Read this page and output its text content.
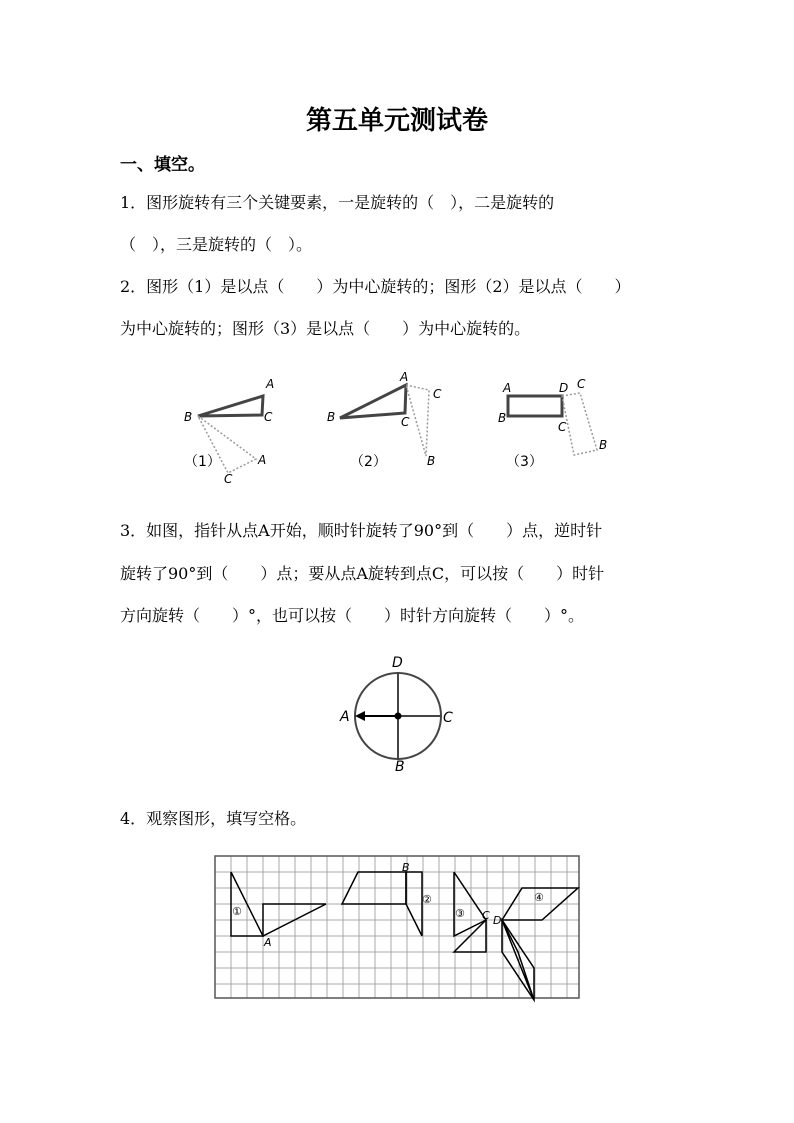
第五单元测试卷
一、填空。
1．图形旋转有三个关键要素，一是旋转的（　），二是旋转的
（　），三是旋转的（　）。
2．图形（1）是以点（　　）为中心旋转的；图形（2）是以点（　　）
为中心旋转的；图形（3）是以点（　　）为中心旋转的。
A
B	C
A
C
（1）
A
B	C
C
B
（2）
A
B
D C
C
B
（3）
3．如图，指针从点A开始，顺时针旋转了90°到（　　）点，逆时针
旋转了90°到（　　）点；要从点A旋转到点C，可以按（　　）时针
方向旋转（　　）°，也可以按（　　）时针方向旋转（　　）°。
A
D
C
B
4．观察图形，填写空格。
①
②
③
④
A
B
C D
